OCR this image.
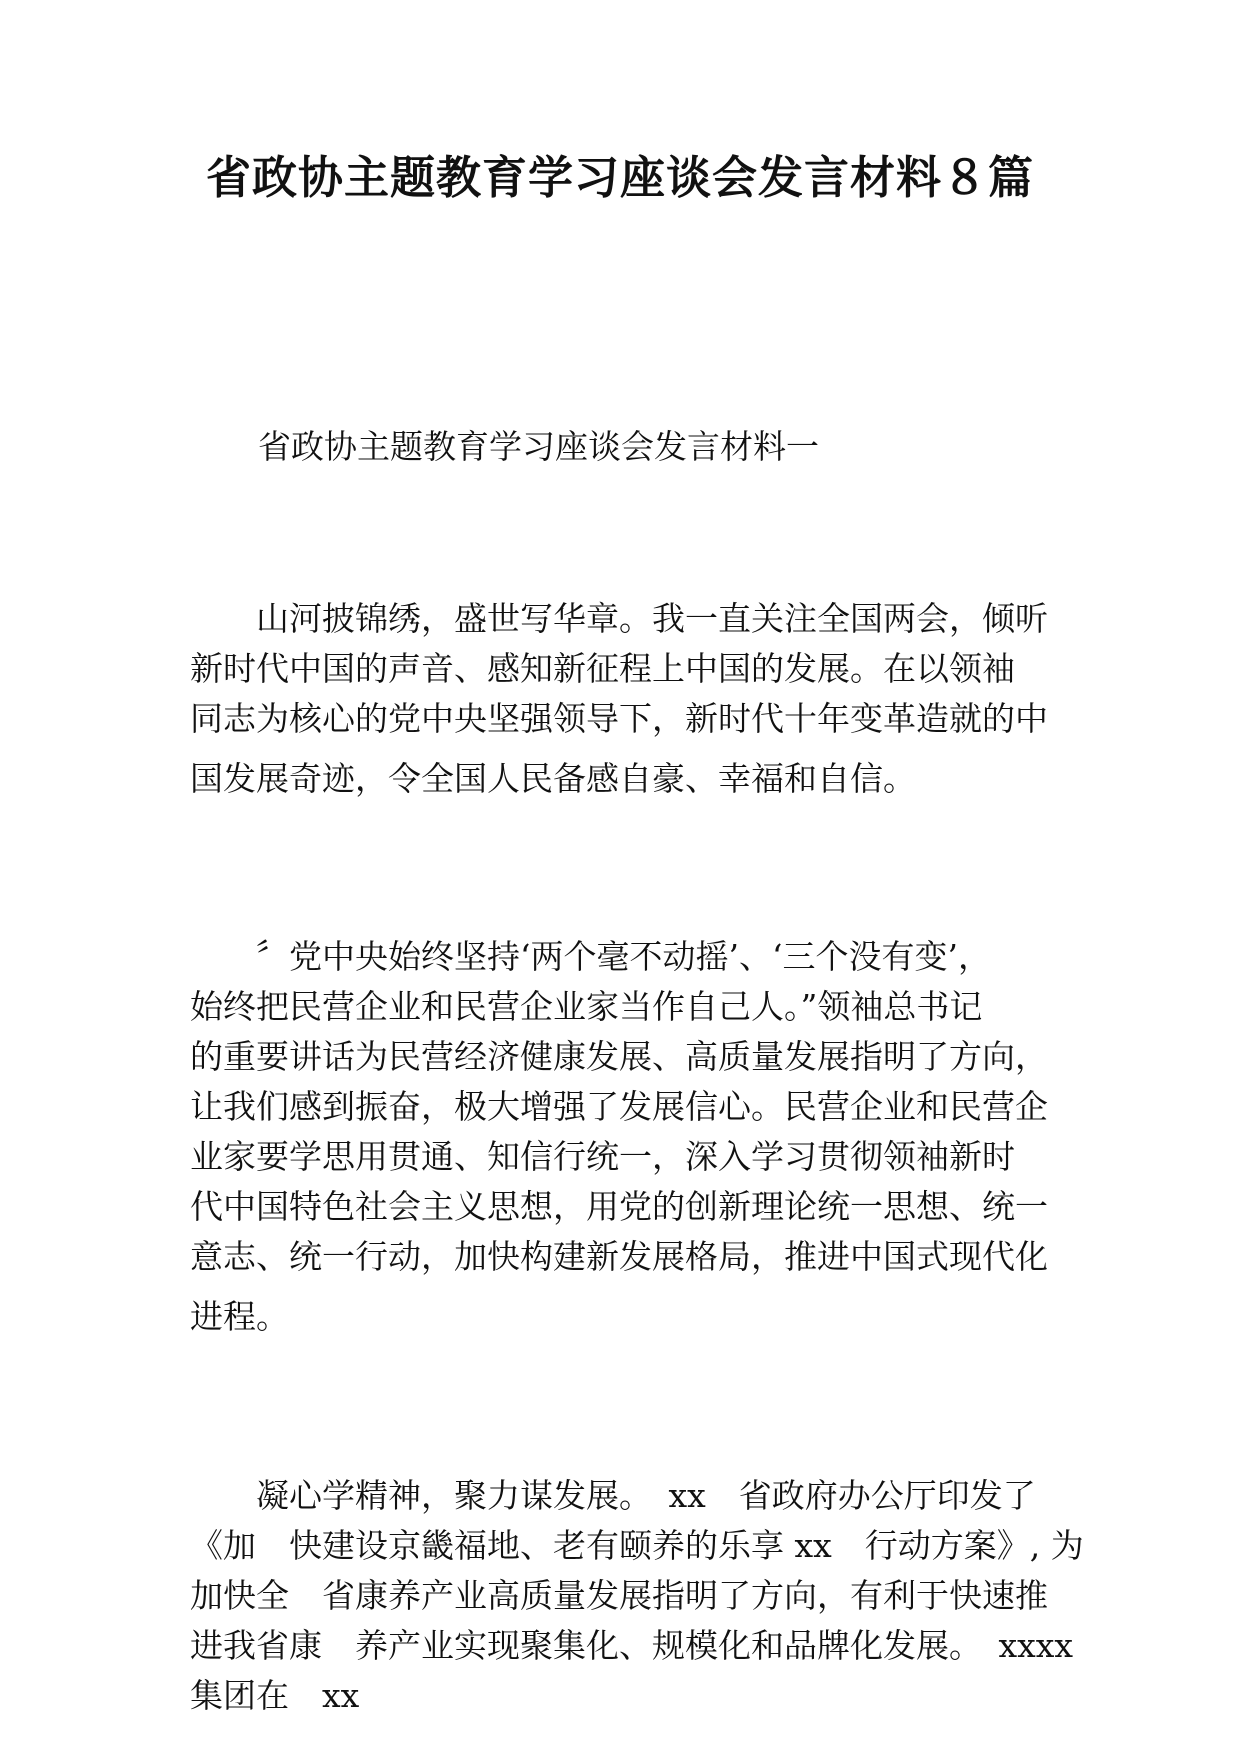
省政协主题教育学习座谈会发言材料８篇
省政协主题教育学习座谈会发言材料一
　　山河披锦绣，盛世写华章。我一直关注全国两会，倾听
新时代中国的声音、感知新征程上中国的发展。在以领袖
同志为核心的党中央坚强领导下，新时代十年变革造就的中
国发展奇迹，令全国人民备感自豪、幸福和自信。
　　〞党中央始终坚持‘两个毫不动摇’、‘三个没有变’，
始终把民营企业和民营企业家当作自己人。”领袖总书记
的重要讲话为民营经济健康发展、高质量发展指明了方向，
让我们感到振奋，极大增强了发展信心。民营企业和民营企
业家要学思用贯通、知信行统一，深入学习贯彻领袖新时
代中国特色社会主义思想，用党的创新理论统一思想、统一
意志、统一行动，加快构建新发展格局，推进中国式现代化
进程。
　　凝心学精神，聚力谋发展。　xx　省政府办公厅印发了
《加　快建设京畿福地、老有颐养的乐享 xx　行动方案》, 为
加快全　省康养产业高质量发展指明了方向，有利于快速推
进我省康　养产业实现聚集化、规模化和品牌化发展。　xxxx
集团在　xx
